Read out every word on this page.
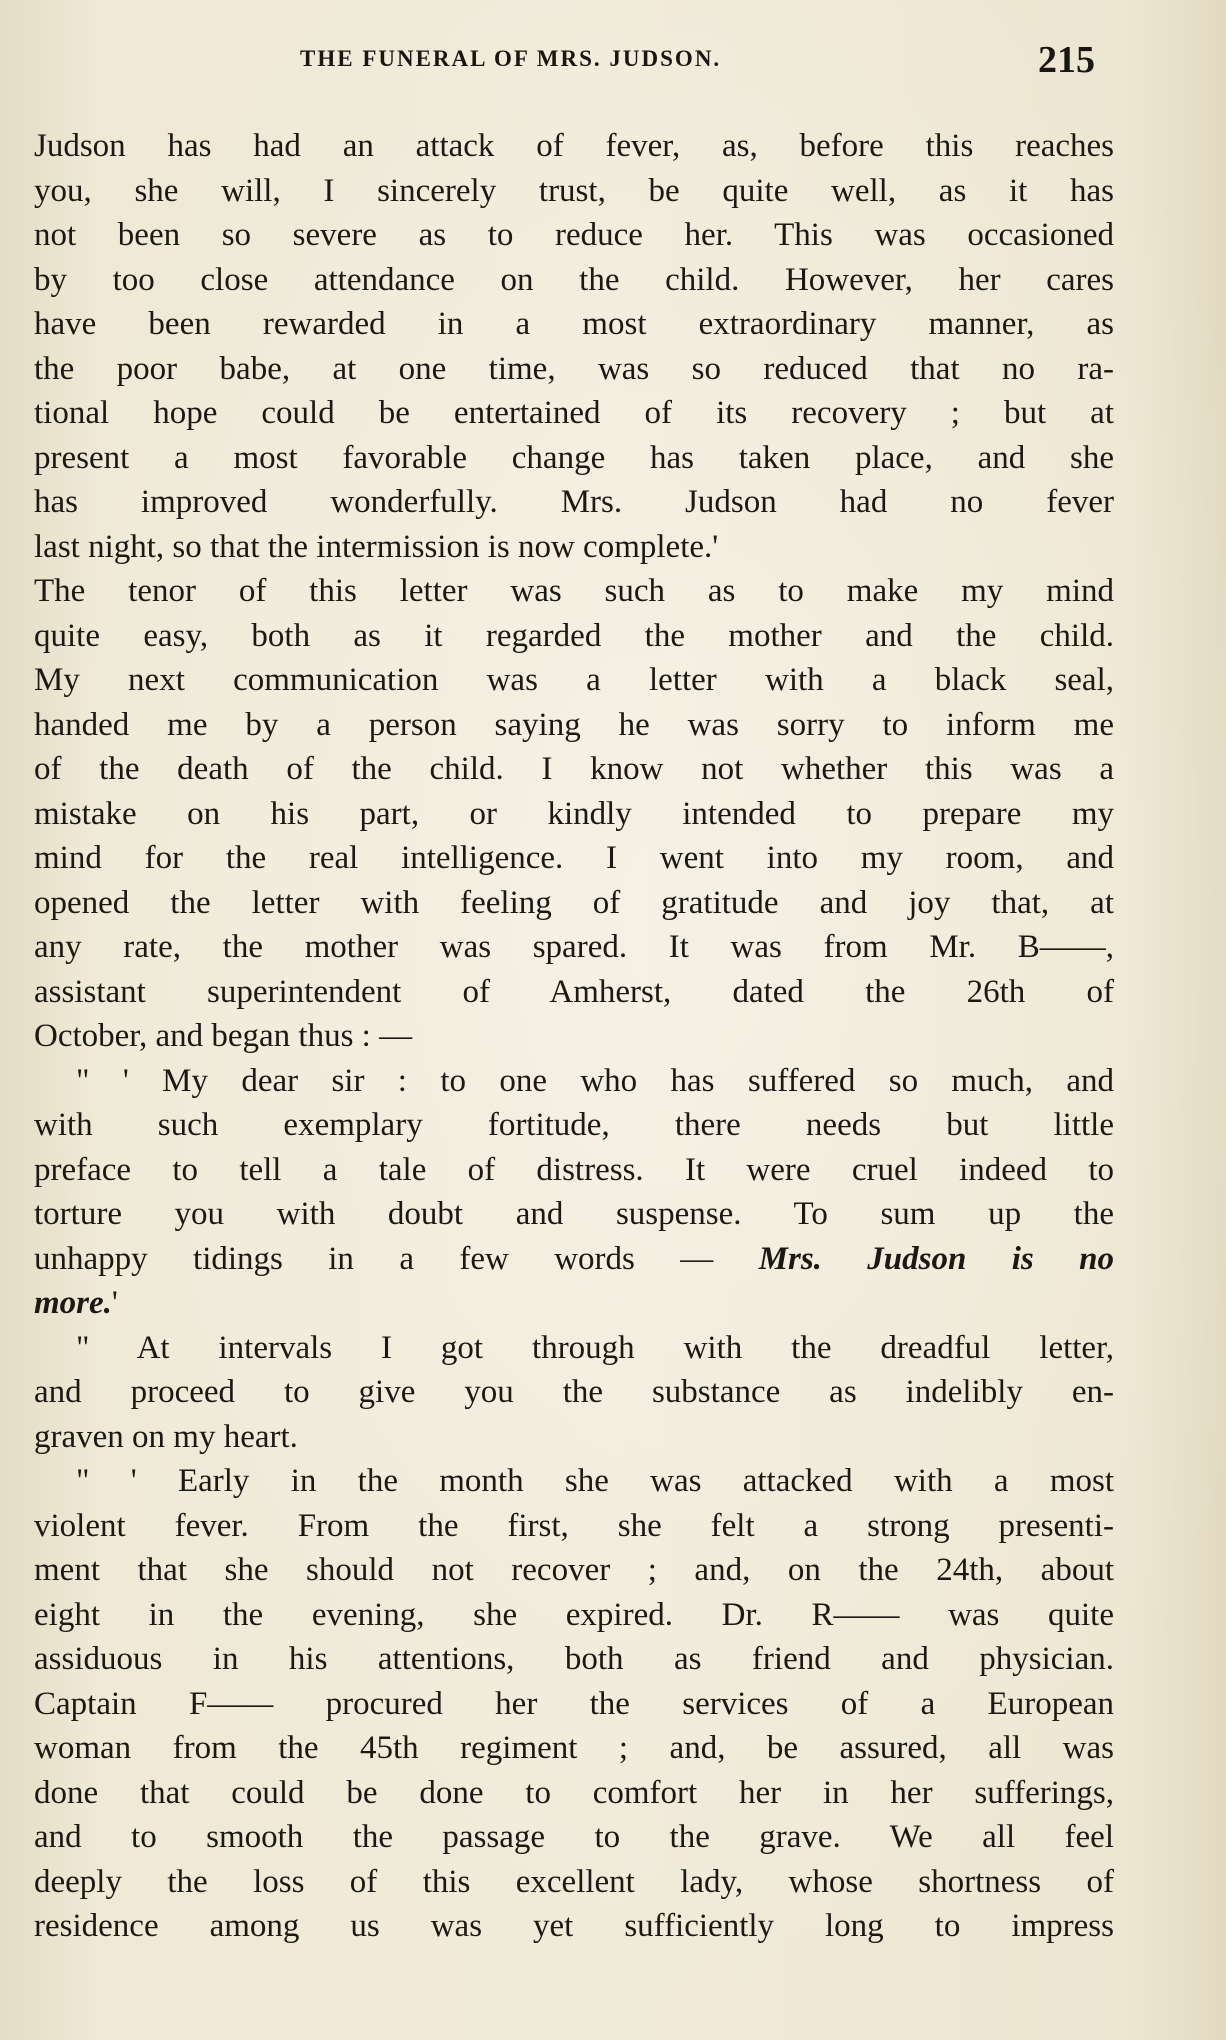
THE FUNERAL OF MRS. JUDSON.	215
Judson has had an attack of fever, as, before this reaches
you, she will, I sincerely trust, be quite well, as it has
not been so severe as to reduce her. This was occasioned
by too close attendance on the child. However, her cares
have been rewarded in a most extraordinary manner, as
the poor babe, at one time, was so reduced that no ra-
tional hope could be entertained of its recovery ; but at
present a most favorable change has taken place, and she
has improved wonderfully. Mrs. Judson had no fever
last night, so that the intermission is now complete.'
The tenor of this letter was such as to make my mind
quite easy, both as it regarded the mother and the child.
My next communication was a letter with a black seal,
handed me by a person saying he was sorry to inform me
of the death of the child. I know not whether this was a
mistake on his part, or kindly intended to prepare my
mind for the real intelligence. I went into my room, and
opened the letter with feeling of gratitude and joy that, at
any rate, the mother was spared. It was from Mr. B——,
assistant superintendent of Amherst, dated the 26th of
October, and began thus : —
" ' My dear sir : to one who has suffered so much, and
with such exemplary fortitude, there needs but little
preface to tell a tale of distress. It were cruel indeed to
torture you with doubt and suspense. To sum up the
unhappy tidings in a few words — Mrs. Judson is no
more.'
" At intervals I got through with the dreadful letter,
and proceed to give you the substance as indelibly en-
graven on my heart.
" ' Early in the month she was attacked with a most
violent fever. From the first, she felt a strong presenti-
ment that she should not recover ; and, on the 24th, about
eight in the evening, she expired. Dr. R—— was quite
assiduous in his attentions, both as friend and physician.
Captain F—— procured her the services of a European
woman from the 45th regiment ; and, be assured, all was
done that could be done to comfort her in her sufferings,
and to smooth the passage to the grave. We all feel
deeply the loss of this excellent lady, whose shortness of
residence among us was yet sufficiently long to impress
